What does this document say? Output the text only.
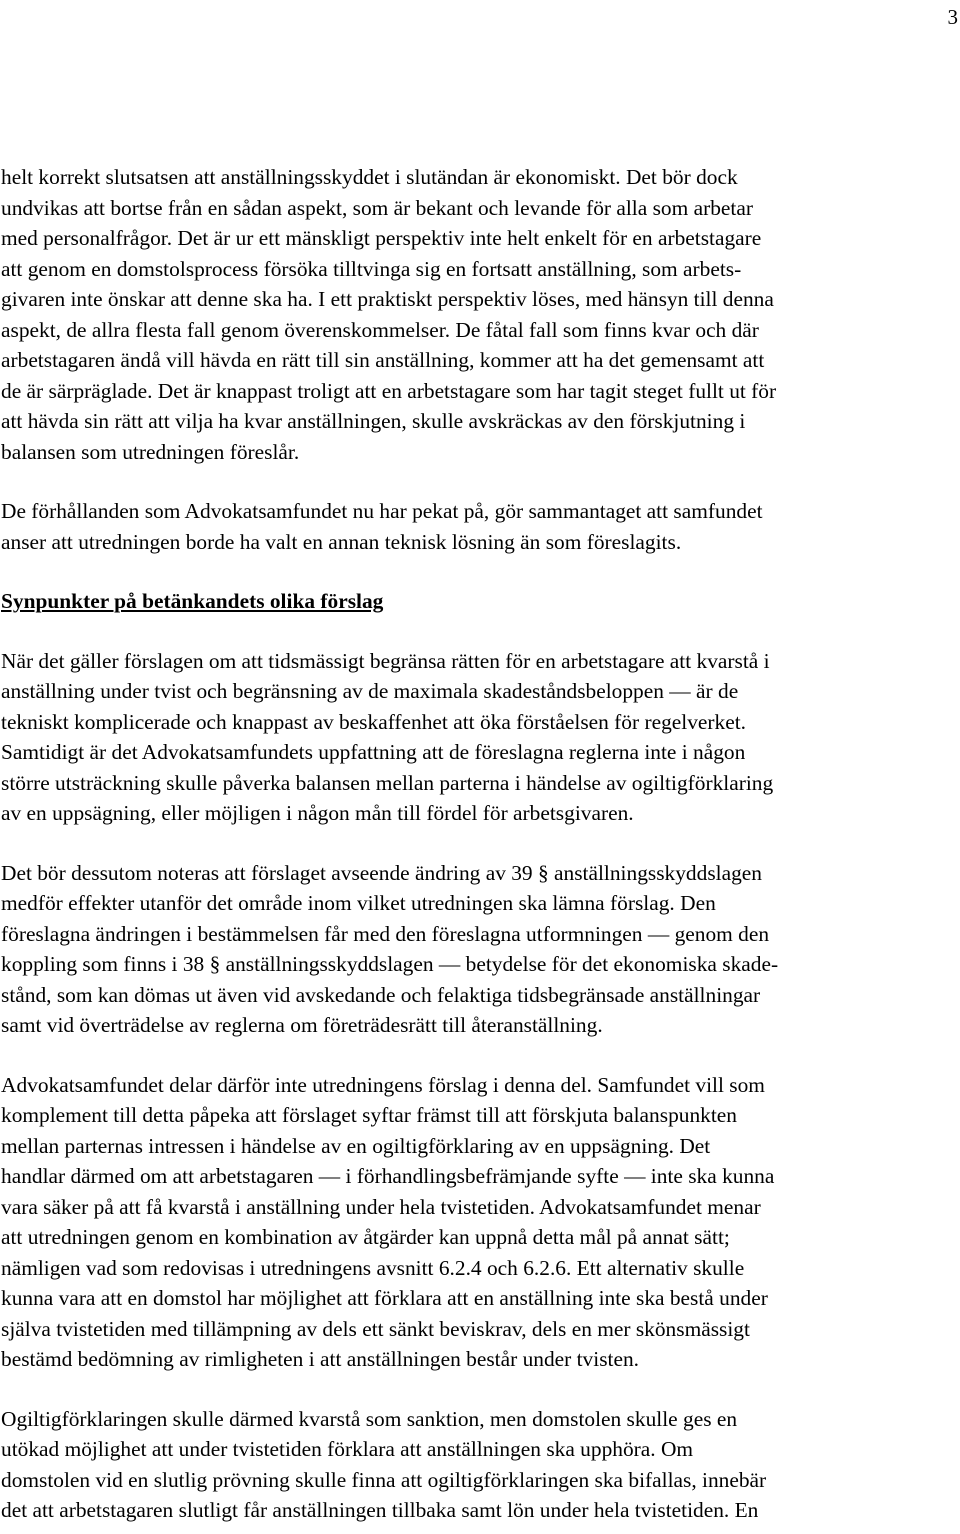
3

helt korrekt slutsatsen att anställningsskyddet i slutändan är ekonomiskt. Det bör dock
undvikas att bortse från en sådan aspekt, som är bekant och levande för alla som arbetar
med personalfrågor. Det är ur ett mänskligt perspektiv inte helt enkelt för en arbetstagare
att genom en domstolsprocess försöka tilltvinga sig en fortsatt anställning, som arbets-
givaren inte önskar att denne ska ha. I ett praktiskt perspektiv löses, med hänsyn till denna
aspekt, de allra flesta fall genom överenskommelser. De fåtal fall som finns kvar och där
arbetstagaren ändå vill hävda en rätt till sin anställning, kommer att ha det gemensamt att
de är särpräglade. Det är knappast troligt att en arbetstagare som har tagit steget fullt ut för
att hävda sin rätt att vilja ha kvar anställningen, skulle avskräckas av den förskjutning i
balansen som utredningen föreslår.

De förhållanden som Advokatsamfundet nu har pekat på, gör sammantaget att samfundet
anser att utredningen borde ha valt en annan teknisk lösning än som föreslagits.

Synpunkter på betänkandets olika förslag

När det gäller förslagen om att tidsmässigt begränsa rätten för en arbetstagare att kvarstå i
anställning under tvist och begränsning av de maximala skadeståndsbeloppen — är de
tekniskt komplicerade och knappast av beskaffenhet att öka förståelsen för regelverket.
Samtidigt är det Advokatsamfundets uppfattning att de föreslagna reglerna inte i någon
större utsträckning skulle påverka balansen mellan parterna i händelse av ogiltigförklaring
av en uppsägning, eller möjligen i någon mån till fördel för arbetsgivaren.

Det bör dessutom noteras att förslaget avseende ändring av 39 § anställningsskyddslagen
medför effekter utanför det område inom vilket utredningen ska lämna förslag. Den
föreslagna ändringen i bestämmelsen får med den föreslagna utformningen — genom den
koppling som finns i 38 § anställningsskyddslagen — betydelse för det ekonomiska skade-
stånd, som kan dömas ut även vid avskedande och felaktiga tidsbegränsade anställningar
samt vid överträdelse av reglerna om företrädesrätt till återanställning.

Advokatsamfundet delar därför inte utredningens förslag i denna del. Samfundet vill som
komplement till detta påpeka att förslaget syftar främst till att förskjuta balanspunkten
mellan parternas intressen i händelse av en ogiltigförklaring av en uppsägning. Det
handlar därmed om att arbetstagaren — i förhandlingsbefrämjande syfte — inte ska kunna
vara säker på att få kvarstå i anställning under hela tvistetiden. Advokatsamfundet menar
att utredningen genom en kombination av åtgärder kan uppnå detta mål på annat sätt;
nämligen vad som redovisas i utredningens avsnitt 6.2.4 och 6.2.6. Ett alternativ skulle
kunna vara att en domstol har möjlighet att förklara att en anställning inte ska bestå under
själva tvistetiden med tillämpning av dels ett sänkt beviskrav, dels en mer skönsmässigt
bestämd bedömning av rimligheten i att anställningen består under tvisten.

Ogiltigförklaringen skulle därmed kvarstå som sanktion, men domstolen skulle ges en
utökad möjlighet att under tvistetiden förklara att anställningen ska upphöra. Om
domstolen vid en slutlig prövning skulle finna att ogiltigförklaringen ska bifallas, innebär
det att arbetstagaren slutligt får anställningen tillbaka samt lön under hela tvistetiden. En
